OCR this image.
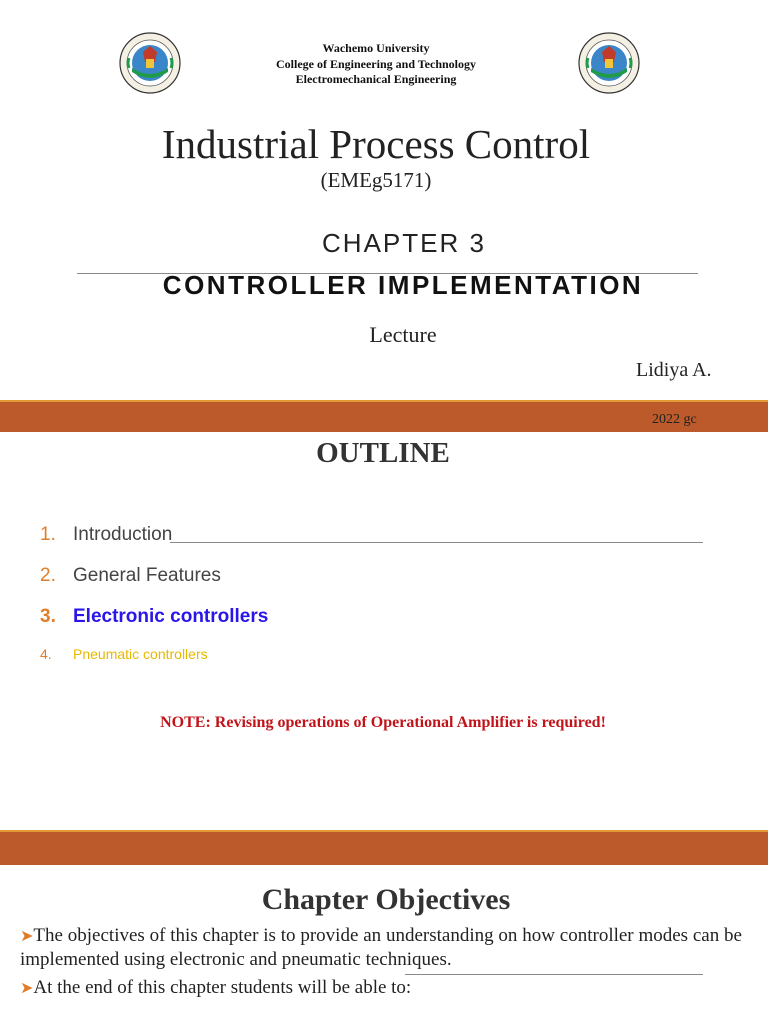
Wachemo University
College of Engineering and Technology
Electromechanical Engineering
Industrial Process Control
(EMEg5171)
CHAPTER 3
CONTROLLER IMPLEMENTATION
Lecture
Lidiya A.
2022 gc
OUTLINE
1. Introduction
2. General Features
3. Electronic controllers
4. Pneumatic controllers
NOTE: Revising operations of Operational Amplifier is required!
Chapter Objectives
➤The objectives of this chapter is to provide an understanding on how controller modes can be implemented using electronic and pneumatic techniques.
➤At the end of this chapter students will be able to:
